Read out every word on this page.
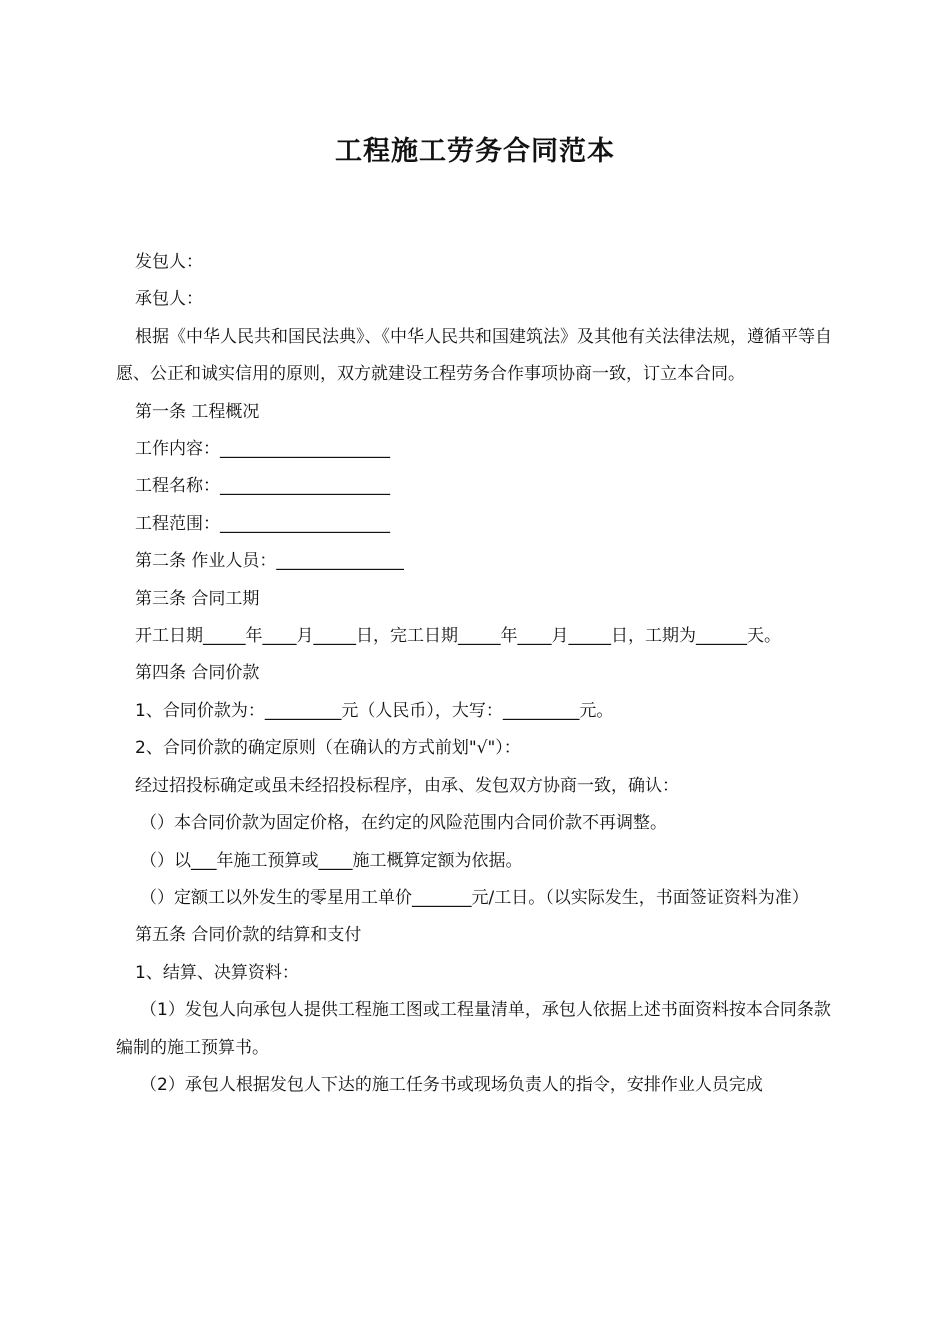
工程施工劳务合同范本

发包人：

承包人：

根据《中华人民共和国民法典》、《中华人民共和国建筑法》及其他有关法律法规，遵循平等自愿、公正和诚实信用的原则，双方就建设工程劳务合作事项协商一致，订立本合同。

第一条 工程概况

工作内容：____________________

工程名称：____________________

工程范围：____________________

第二条 作业人员：_______________

第三条 合同工期

开工日期_____年____月_____日，完工日期_____年____月_____日，工期为______天。

第四条 合同价款

1、合同价款为：_________元（人民币），大写：_________元。

2、合同价款的确定原则（在确认的方式前划"√"）：

经过招投标确定或虽未经招投标程序，由承、发包双方协商一致，确认：

（）本合同价款为固定价格，在约定的风险范围内合同价款不再调整。

（）以___年施工预算或____施工概算定额为依据。

（）定额工以外发生的零星用工单价_______元/工日。（以实际发生，书面签证资料为准）

第五条 合同价款的结算和支付

1、结算、决算资料：

（1）发包人向承包人提供工程施工图或工程量清单，承包人依据上述书面资料按本合同条款编制的施工预算书。

（2）承包人根据发包人下达的施工任务书或现场负责人的指令，安排作业人员完成
